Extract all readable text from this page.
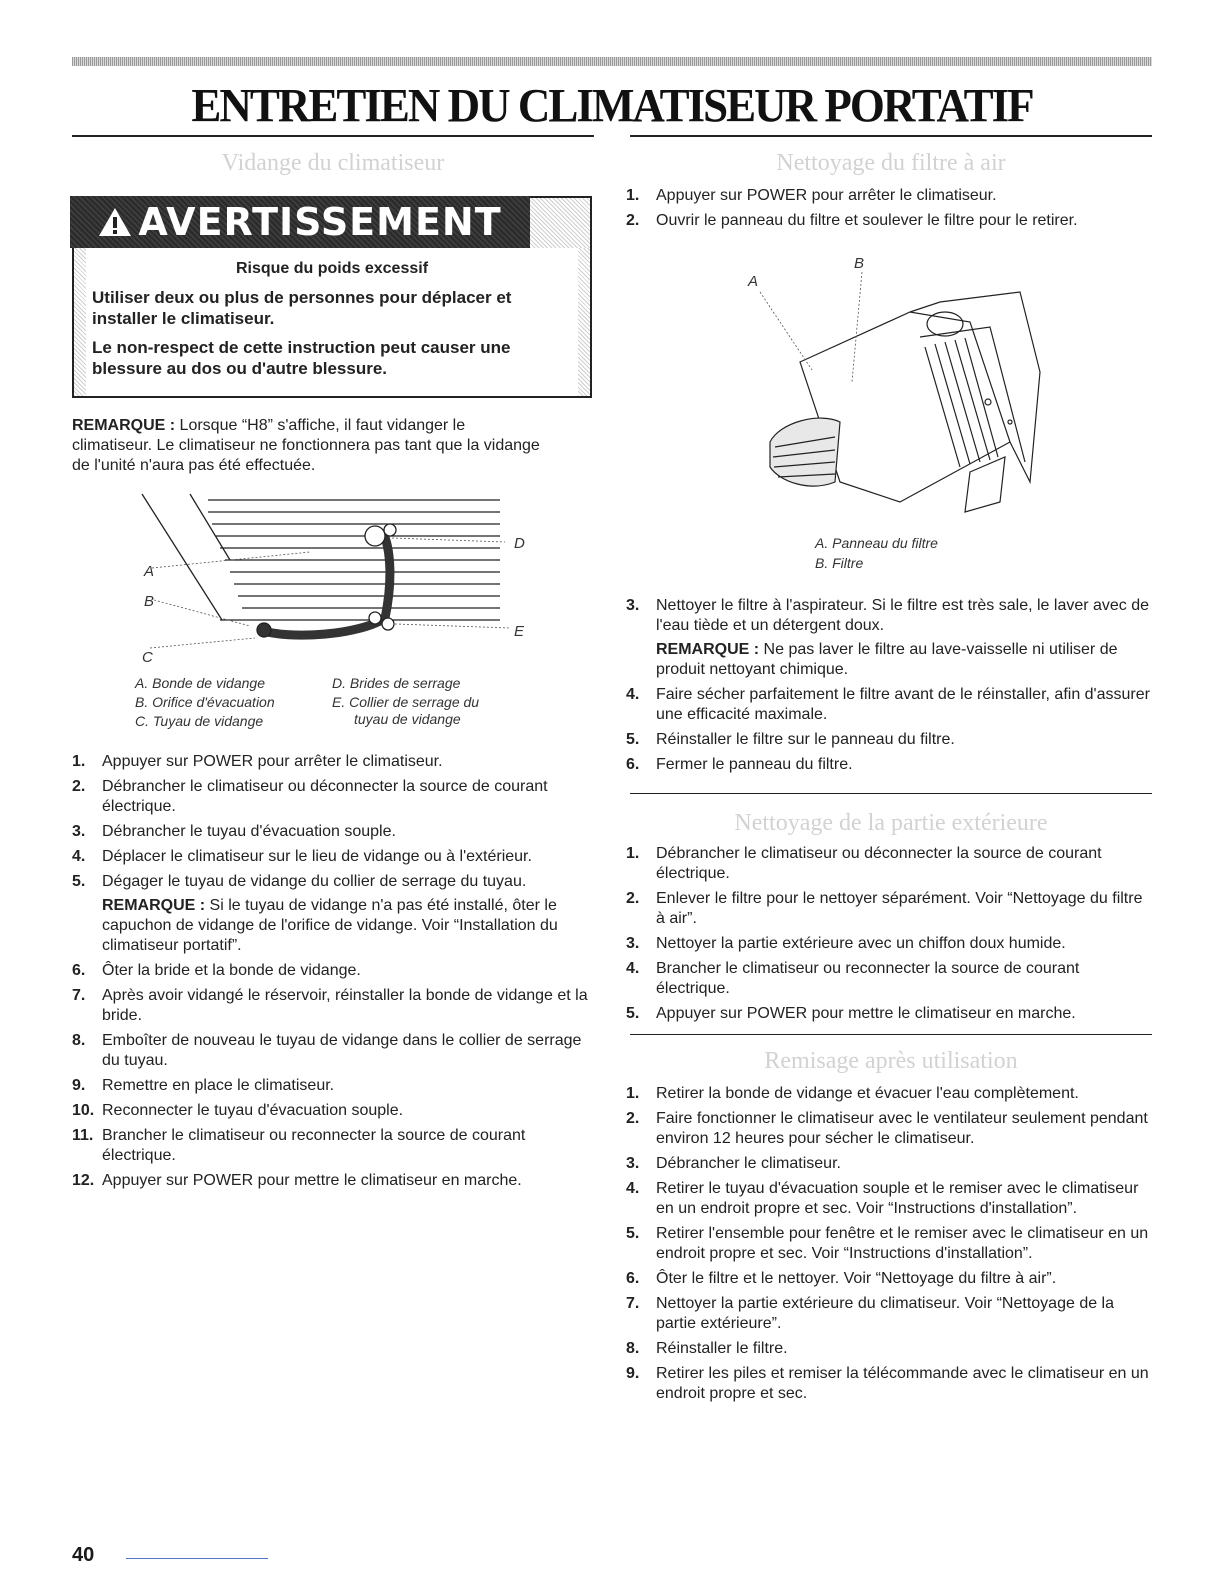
ENTRETIEN DU CLIMATISEUR PORTATIF
Vidange du climatiseur
AVERTISSEMENT

Risque du poids excessif

Utiliser deux ou plus de personnes pour déplacer et installer le climatiseur.

Le non-respect de cette instruction peut causer une blessure au dos ou d'autre blessure.

REMARQUE : Lorsque “H8” s'affiche, il faut vidanger le climatiseur. Le climatiseur ne fonctionnera pas tant que la vidange de l'unité n'aura pas été effectuée.
A
B
C
D
E
A. Bonde de vidange
B. Orifice d'évacuation
C. Tuyau de vidange
D. Brides de serrage
E. Collier de serrage du
tuyau de vidange
1. Appuyer sur POWER pour arrêter le climatiseur.
2. Débrancher le climatiseur ou déconnecter la source de courant électrique.
3. Débrancher le tuyau d'évacuation souple.
4. Déplacer le climatiseur sur le lieu de vidange ou à l'extérieur.
5. Dégager le tuyau de vidange du collier de serrage du tuyau.
REMARQUE : Si le tuyau de vidange n'a pas été installé, ôter le capuchon de vidange de l'orifice de vidange. Voir “Installation du climatiseur portatif”.
6. Ôter la bride et la bonde de vidange.
7. Après avoir vidangé le réservoir, réinstaller la bonde de vidange et la bride.
8. Emboîter de nouveau le tuyau de vidange dans le collier de serrage du tuyau.
9. Remettre en place le climatiseur.
10. Reconnecter le tuyau d'évacuation souple.
11. Brancher le climatiseur ou reconnecter la source de courant électrique.
12. Appuyer sur POWER pour mettre le climatiseur en marche.
Nettoyage du filtre à air
1. Appuyer sur POWER pour arrêter le climatiseur.
2. Ouvrir le panneau du filtre et soulever le filtre pour le retirer.
A
B
A. Panneau du filtre
B. Filtre
3. Nettoyer le filtre à l'aspirateur. Si le filtre est très sale, le laver avec de l'eau tiède et un détergent doux.
REMARQUE : Ne pas laver le filtre au lave-vaisselle ni utiliser de produit nettoyant chimique.
4. Faire sécher parfaitement le filtre avant de le réinstaller, afin d'assurer une efficacité maximale.
5. Réinstaller le filtre sur le panneau du filtre.
6. Fermer le panneau du filtre.
Nettoyage de la partie extérieure
1. Débrancher le climatiseur ou déconnecter la source de courant électrique.
2. Enlever le filtre pour le nettoyer séparément. Voir “Nettoyage du filtre à air”.
3. Nettoyer la partie extérieure avec un chiffon doux humide.
4. Brancher le climatiseur ou reconnecter la source de courant électrique.
5. Appuyer sur POWER pour mettre le climatiseur en marche.
Remisage après utilisation
1. Retirer la bonde de vidange et évacuer l'eau complètement.
2. Faire fonctionner le climatiseur avec le ventilateur seulement pendant environ 12 heures pour sécher le climatiseur.
3. Débrancher le climatiseur.
4. Retirer le tuyau d'évacuation souple et le remiser avec le climatiseur en un endroit propre et sec. Voir “Instructions d'installation”.
5. Retirer l'ensemble pour fenêtre et le remiser avec le climatiseur en un endroit propre et sec. Voir “Instructions d'installation”.
6. Ôter le filtre et le nettoyer. Voir “Nettoyage du filtre à air”.
7. Nettoyer la partie extérieure du climatiseur. Voir “Nettoyage de la partie extérieure”.
8. Réinstaller le filtre.
9. Retirer les piles et remiser la télécommande avec le climatiseur en un endroit propre et sec.
40
